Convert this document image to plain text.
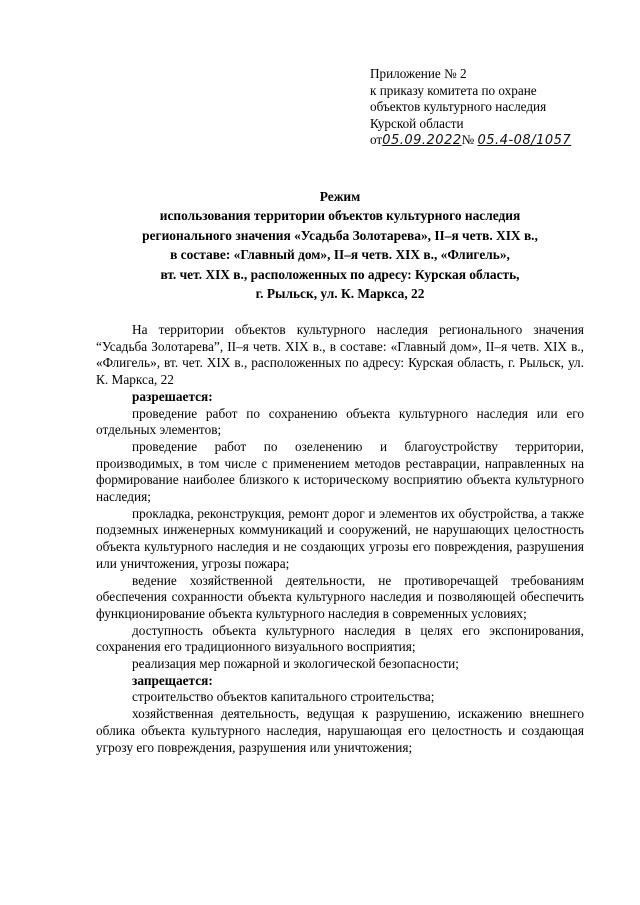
Приложение № 2
к приказу комитета по охране
объектов культурного наследия
Курской области
от05.09.2022№ 05.4-08/1057
Режим
использования территории объектов культурного наследия
регионального значения «Усадьба Золотарева», II–я четв. XIX в.,
в составе: «Главный дом», II–я четв. XIX в., «Флигель»,
вт. чет. XIX в., расположенных по адресу: Курская область,
г. Рыльск, ул. К. Маркса, 22

На территории объектов культурного наследия регионального значения “Усадьба Золотарева”, II–я четв. XIX в., в составе: «Главный дом», II–я четв. XIX в., «Флигель», вт. чет. XIX в., расположенных по адресу: Курская область, г. Рыльск, ул. К. Маркса, 22

разрешается:

проведение работ по сохранению объекта культурного наследия или его отдельных элементов;

проведение работ по озеленению и благоустройству территории, производимых, в том числе с применением методов реставрации, направленных на формирование наиболее близкого к историческому восприятию объекта культурного наследия;

прокладка, реконструкция, ремонт дорог и элементов их обустройства, а также подземных инженерных коммуникаций и сооружений, не нарушающих целостность объекта культурного наследия и не создающих угрозы его повреждения, разрушения или уничтожения, угрозы пожара;

ведение хозяйственной деятельности, не противоречащей требованиям обеспечения сохранности объекта культурного наследия и позволяющей обеспечить функционирование объекта культурного наследия в современных условиях;

доступность объекта культурного наследия в целях его экспонирования, сохранения его традиционного визуального восприятия;

реализация мер пожарной и экологической безопасности;

запрещается:

строительство объектов капитального строительства;

хозяйственная деятельность, ведущая к разрушению, искажению внешнего облика объекта культурного наследия, нарушающая его целостность и создающая угрозу его повреждения, разрушения или уничтожения;
